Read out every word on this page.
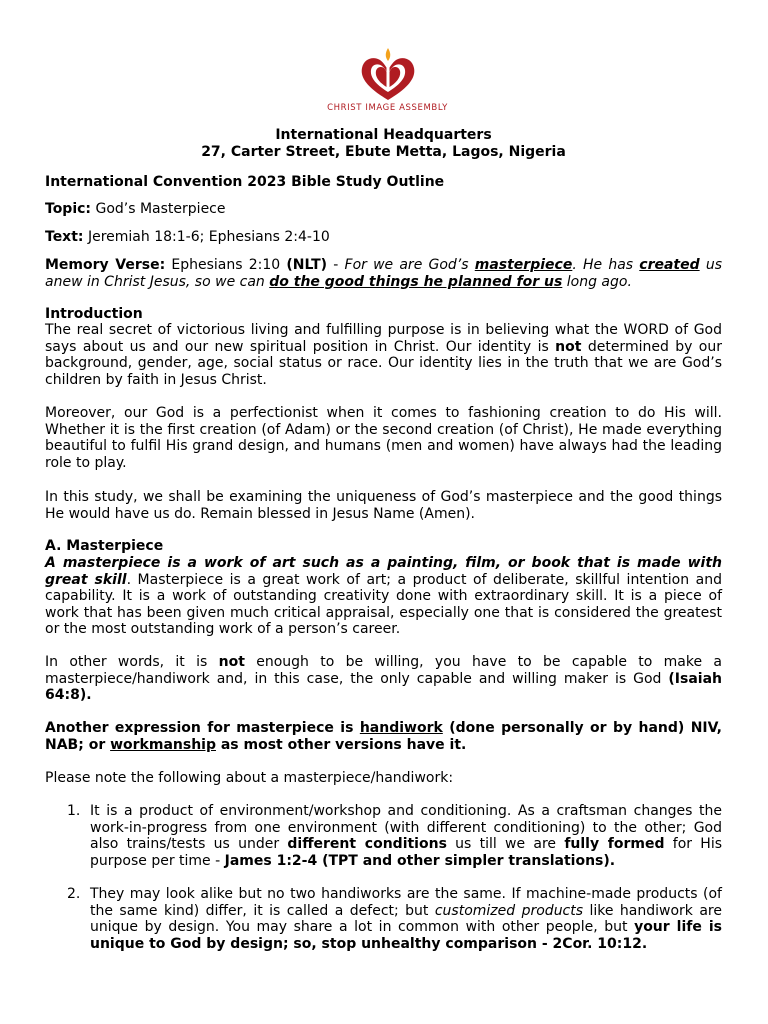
CHRIST IMAGE ASSEMBLY
International Headquarters
27, Carter Street, Ebute Metta, Lagos, Nigeria
International Convention 2023 Bible Study Outline
Topic: God’s Masterpiece
Text: Jeremiah 18:1-6; Ephesians 2:4-10
Memory Verse: Ephesians 2:10 (NLT) - For we are God’s masterpiece. He has created us anew in Christ Jesus, so we can do the good things he planned for us long ago.
Introduction
The real secret of victorious living and fulfilling purpose is in believing what the WORD of God says about us and our new spiritual position in Christ. Our identity is not determined by our background, gender, age, social status or race. Our identity lies in the truth that we are God’s children by faith in Jesus Christ.
Moreover, our God is a perfectionist when it comes to fashioning creation to do His will. Whether it is the first creation (of Adam) or the second creation (of Christ), He made everything beautiful to fulfil His grand design, and humans (men and women) have always had the leading role to play.
In this study, we shall be examining the uniqueness of God’s masterpiece and the good things He would have us do. Remain blessed in Jesus Name (Amen).
A. Masterpiece
A masterpiece is a work of art such as a painting, film, or book that is made with great skill. Masterpiece is a great work of art; a product of deliberate, skillful intention and capability. It is a work of outstanding creativity done with extraordinary skill. It is a piece of work that has been given much critical appraisal, especially one that is considered the greatest or the most outstanding work of a person’s career.
In other words, it is not enough to be willing, you have to be capable to make a masterpiece/handiwork and, in this case, the only capable and willing maker is God (Isaiah 64:8).
Another expression for masterpiece is handiwork (done personally or by hand) NIV, NAB; or workmanship as most other versions have it.
Please note the following about a masterpiece/handiwork:
1. It is a product of environment/workshop and conditioning. As a craftsman changes the work-in-progress from one environment (with different conditioning) to the other; God also trains/tests us under different conditions us till we are fully formed for His purpose per time - James 1:2-4 (TPT and other simpler translations).
2. They may look alike but no two handiworks are the same. If machine-made products (of the same kind) differ, it is called a defect; but customized products like handiwork are unique by design. You may share a lot in common with other people, but your life is unique to God by design; so, stop unhealthy comparison - 2Cor. 10:12.
